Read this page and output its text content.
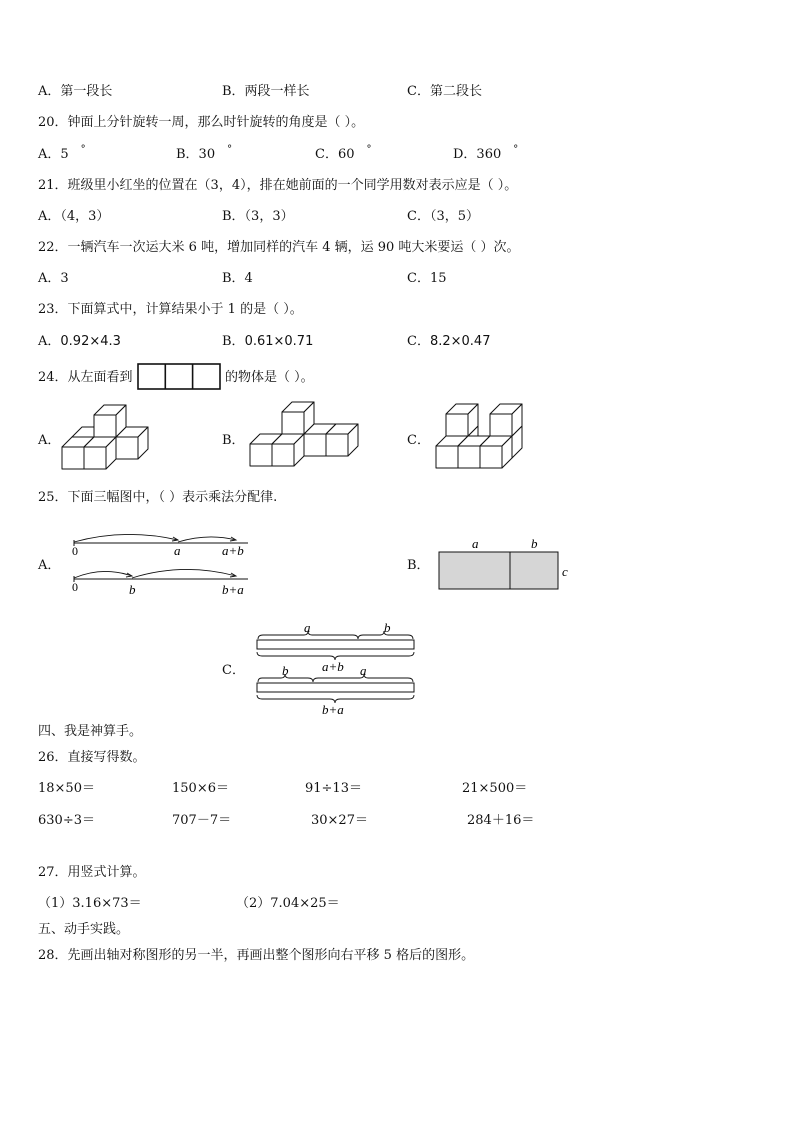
A．第一段长	B．两段一样长	C．第二段长
20．钟面上分针旋转一周，那么时针旋转的角度是（ ）。
A．5 °	B．30 °	C．60 °	D．360 °
21．班级里小红坐的位置在（3，4），排在她前面的一个同学用数对表示应是（ ）。
A．（4，3）	B．（3，3）	C．（3，5）
22．一辆汽车一次运大米 6 吨，增加同样的汽车 4 辆，运 90 吨大米要运（ ）次。
A．3	B．4	C．15
23．下面算式中，计算结果小于 1 的是（ ）。
A．0.92×4.3	B．0.61×0.71	C．8.2×0.47
24．从左面看到	的物体是（ ）。
A．	B．	C．
25．下面三幅图中，（ ）表示乘法分配律.
A．
0	a	a+b
0	b	b+a
B．
a	b
c
C．
a	b
a+b
b	a
b+a
四、我是神算手。
26．直接写得数。
18×50＝	150×6＝	91÷13＝	21×500＝
630÷3＝	707－7＝	30×27＝	284＋16＝
27．用竖式计算。
（1）3.16×73＝	（2）7.04×25＝
五、动手实践。
28．先画出轴对称图形的另一半，再画出整个图形向右平移 5 格后的图形。
